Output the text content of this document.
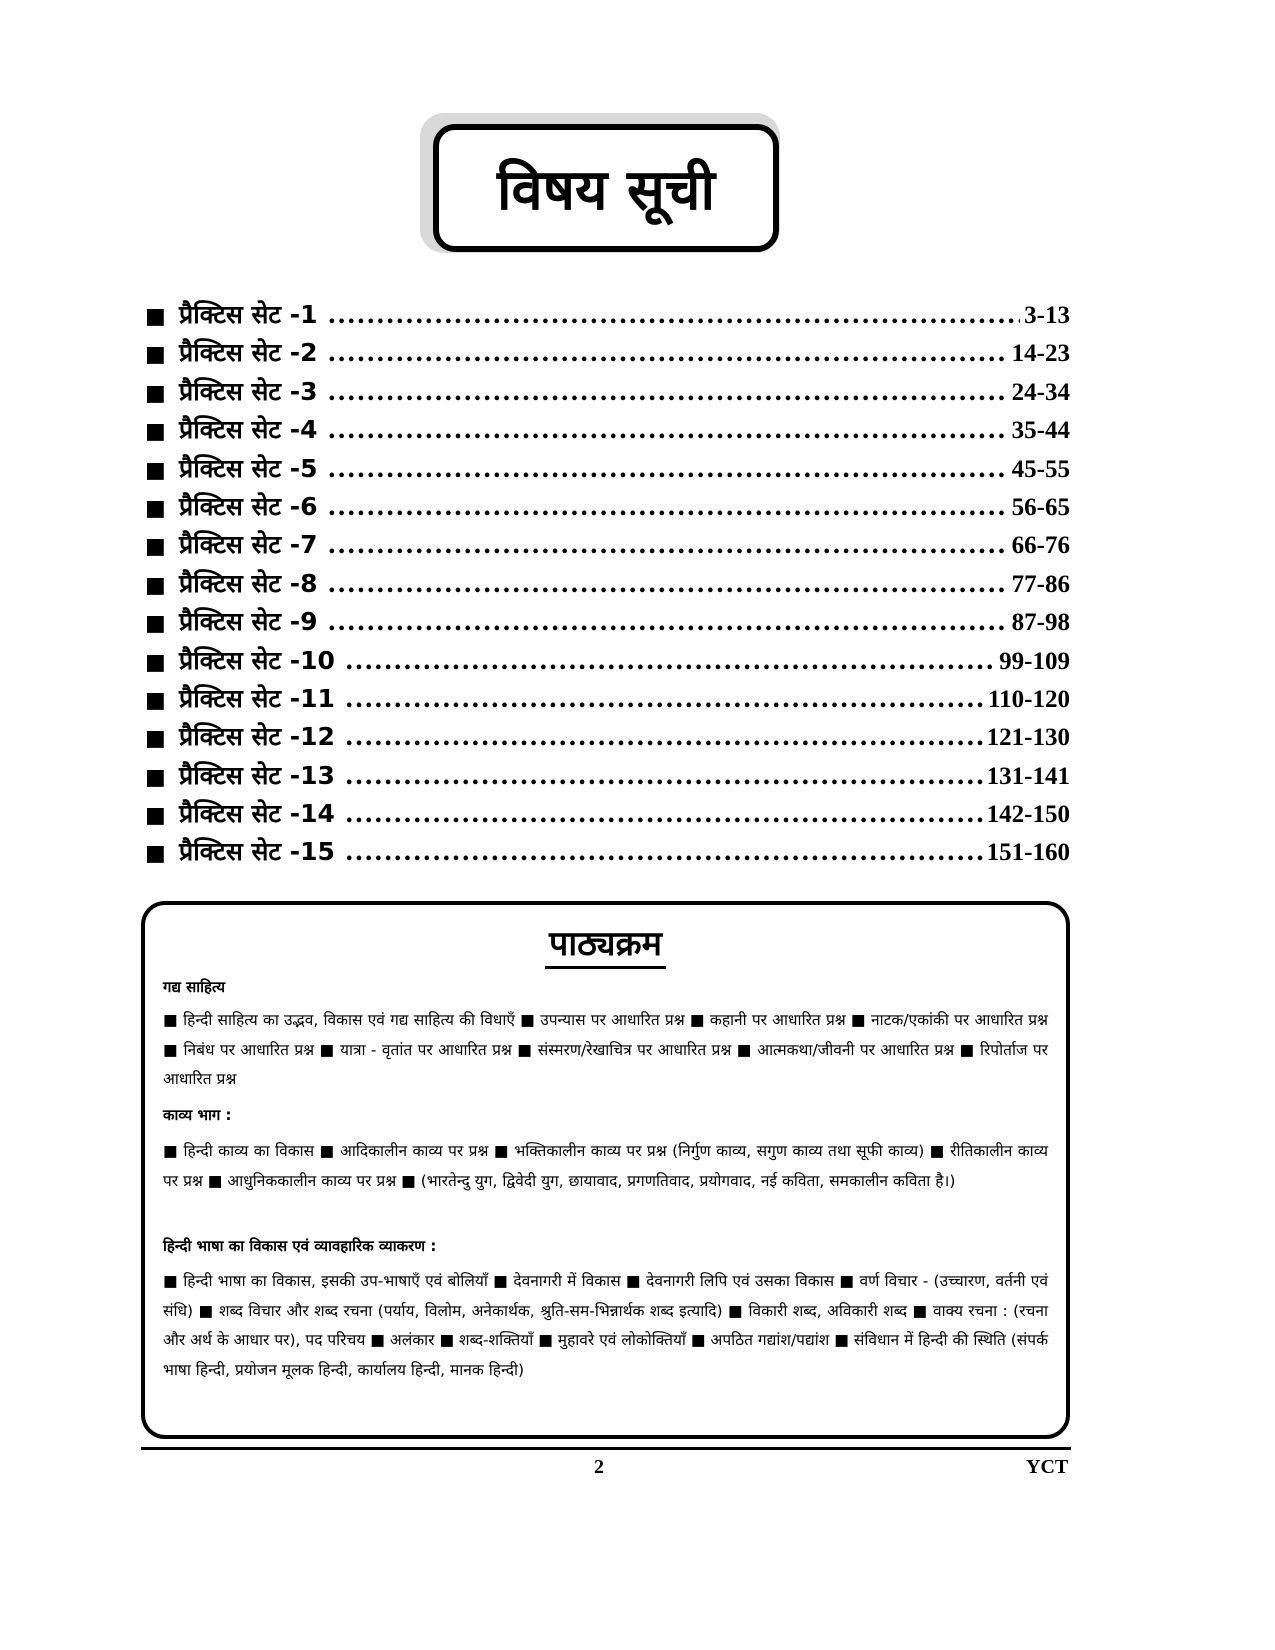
विषय सूची
■ प्रैक्टिस सेट -1 .....	3-13
■ प्रैक्टिस सेट -2 .....	14-23
■ प्रैक्टिस सेट -3 .....	24-34
■ प्रैक्टिस सेट -4 .....	35-44
■ प्रैक्टिस सेट -5 .....	45-55
■ प्रैक्टिस सेट -6 .....	56-65
■ प्रैक्टिस सेट -7 .....	66-76
■ प्रैक्टिस सेट -8 .....	77-86
■ प्रैक्टिस सेट -9 .....	87-98
■ प्रैक्टिस सेट -10 .....	99-109
■ प्रैक्टिस सेट -11 .....	110-120
■ प्रैक्टिस सेट -12 .....	121-130
■ प्रैक्टिस सेट -13 .....	131-141
■ प्रैक्टिस सेट -14 .....	142-150
■ प्रैक्टिस सेट -15 .....	151-160
पाठ्यक्रम
गद्य साहित्य
■ हिन्दी साहित्य का उद्भव, विकास एवं गद्य साहित्य की विधाएँ ■ उपन्यास पर आधारित प्रश्न ■ कहानी पर आधारित प्रश्न ■ नाटक/एकांकी पर आधारित प्रश्न ■ निबंध पर आधारित प्रश्न ■ यात्रा - वृतांत पर आधारित प्रश्न ■ संस्मरण/रेखाचित्र पर आधारित प्रश्न ■ आत्मकथा/जीवनी पर आधारित प्रश्न ■ रिपोर्ताज पर आधारित प्रश्न
काव्य भाग :
■ हिन्दी काव्य का विकास ■ आदिकालीन काव्य पर प्रश्न ■ भक्तिकालीन काव्य पर प्रश्न (निर्गुण काव्य, सगुण काव्य तथा सूफी काव्य) ■ रीतिकालीन काव्य पर प्रश्न ■ आधुनिककालीन काव्य पर प्रश्न ■ (भारतेन्दु युग, द्विवेदी युग, छायावाद, प्रगणतिवाद, प्रयोगवाद, नई कविता, समकालीन कविता है।)
हिन्दी भाषा का विकास एवं व्यावहारिक व्याकरण :
■ हिन्दी भाषा का विकास, इसकी उप-भाषाएँ एवं बोलियाँ ■ देवनागरी में विकास ■ देवनागरी लिपि एवं उसका विकास ■ वर्ण विचार - (उच्चारण, वर्तनी एवं संधि) ■ शब्द विचार और शब्द रचना (पर्याय, विलोम, अनेकार्थक, श्रुति-सम-भिन्नार्थक शब्द इत्यादि) ■ विकारी शब्द, अविकारी शब्द ■ वाक्य रचना : (रचना और अर्थ के आधार पर), पद परिचय ■ अलंकार ■ शब्द-शक्तियाँ ■ मुहावरे एवं लोकोक्तियाँ ■ अपठित गद्यांश/पद्यांश ■ संविधान में हिन्दी की स्थिति (संपर्क भाषा हिन्दी, प्रयोजन मूलक हिन्दी, कार्यालय हिन्दी, मानक हिन्दी)
2	YCT
